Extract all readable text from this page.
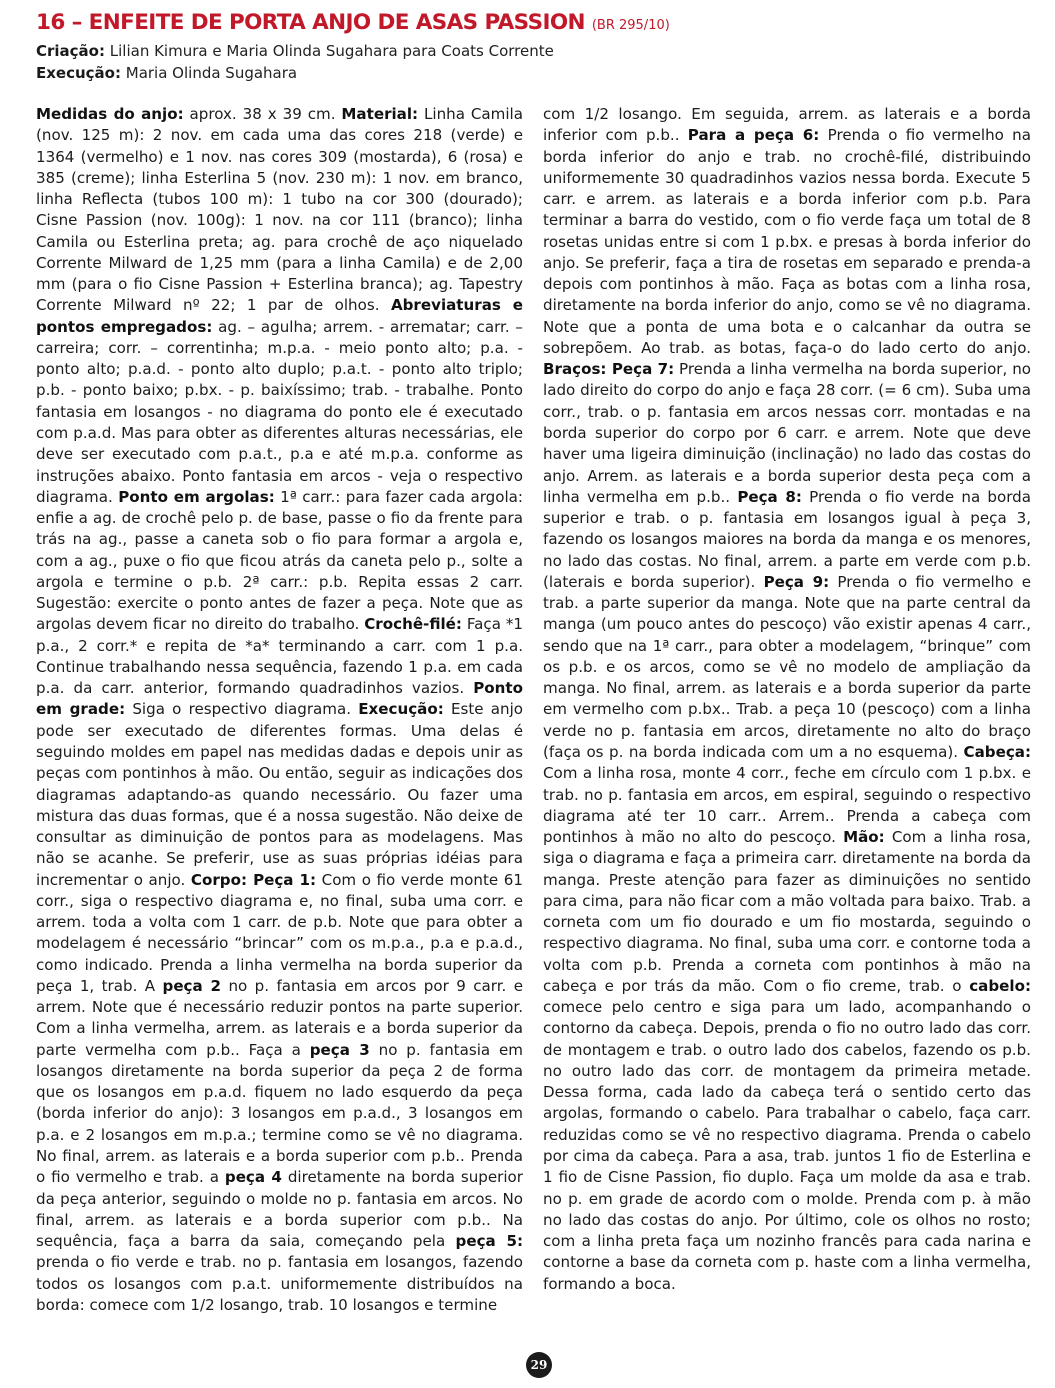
16 – ENFEITE DE PORTA ANJO DE ASAS PASSION (BR 295/10)
Criação: Lilian Kimura e Maria Olinda Sugahara para Coats Corrente
Execução: Maria Olinda Sugahara

Medidas do anjo: aprox. 38 x 39 cm. Material: Linha Camila (nov. 125 m): 2 nov. em cada uma das cores 218 (verde) e 1364 (vermelho) e 1 nov. nas cores 309 (mostarda), 6 (rosa) e 385 (creme); linha Esterlina 5 (nov. 230 m): 1 nov. em branco, linha Reflecta (tubos 100 m): 1 tubo na cor 300 (dourado); Cisne Passion (nov. 100g): 1 nov. na cor 111 (branco); linha Camila ou Esterlina preta; ag. para crochê de aço niquelado Corrente Milward de 1,25 mm (para a linha Camila) e de 2,00 mm (para o fio Cisne Passion + Esterlina branca); ag. Tapestry Corrente Milward nº 22; 1 par de olhos. Abreviaturas e pontos empregados: ag. – agulha; arrem. - arrematar; carr. – carreira; corr. – correntinha; m.p.a. - meio ponto alto; p.a. - ponto alto; p.a.d. - ponto alto duplo; p.a.t. - ponto alto triplo; p.b. - ponto baixo; p.bx. - p. baixíssimo; trab. - trabalhe. Ponto fantasia em losangos - no diagrama do ponto ele é executado com p.a.d. Mas para obter as diferentes alturas necessárias, ele deve ser executado com p.a.t., p.a e até m.p.a. conforme as instruções abaixo. Ponto fantasia em arcos - veja o respectivo diagrama. Ponto em argolas: 1ª carr.: para fazer cada argola: enfie a ag. de crochê pelo p. de base, passe o fio da frente para trás na ag., passe a caneta sob o fio para formar a argola e, com a ag., puxe o fio que ficou atrás da caneta pelo p., solte a argola e termine o p.b. 2ª carr.: p.b. Repita essas 2 carr. Sugestão: exercite o ponto antes de fazer a peça. Note que as argolas devem ficar no direito do trabalho. Crochê-filé: Faça *1 p.a., 2 corr.* e repita de *a* terminando a carr. com 1 p.a. Continue trabalhando nessa sequência, fazendo 1 p.a. em cada p.a. da carr. anterior, formando quadradinhos vazios. Ponto em grade: Siga o respectivo diagrama. Execução: Este anjo pode ser executado de diferentes formas. Uma delas é seguindo moldes em papel nas medidas dadas e depois unir as peças com pontinhos à mão. Ou então, seguir as indicações dos diagramas adaptando-as quando necessário. Ou fazer uma mistura das duas formas, que é a nossa sugestão. Não deixe de consultar as diminuição de pontos para as modelagens. Mas não se acanhe. Se preferir, use as suas próprias idéias para incrementar o anjo. Corpo: Peça 1: Com o fio verde monte 61 corr., siga o respectivo diagrama e, no final, suba uma corr. e arrem. toda a volta com 1 carr. de p.b. Note que para obter a modelagem é necessário “brincar” com os m.p.a., p.a e p.a.d., como indicado. Prenda a linha vermelha na borda superior da peça 1, trab. A peça 2 no p. fantasia em arcos por 9 carr. e arrem. Note que é necessário reduzir pontos na parte superior. Com a linha vermelha, arrem. as laterais e a borda superior da parte vermelha com p.b.. Faça a peça 3 no p. fantasia em losangos diretamente na borda superior da peça 2 de forma que os losangos em p.a.d. fiquem no lado esquerdo da peça (borda inferior do anjo): 3 losangos em p.a.d., 3 losangos em p.a. e 2 losangos em m.p.a.; termine como se vê no diagrama. No final, arrem. as laterais e a borda superior com p.b.. Prenda o fio vermelho e trab. a peça 4 diretamente na borda superior da peça anterior, seguindo o molde no p. fantasia em arcos. No final, arrem. as laterais e a borda superior com p.b.. Na sequência, faça a barra da saia, começando pela peça 5: prenda o fio verde e trab. no p. fantasia em losangos, fazendo todos os losangos com p.a.t. uniformemente distribuídos na borda: comece com 1/2 losango, trab. 10 losangos e termine

com 1/2 losango. Em seguida, arrem. as laterais e a borda inferior com p.b.. Para a peça 6: Prenda o fio vermelho na borda inferior do anjo e trab. no crochê-filé, distribuindo uniformemente 30 quadradinhos vazios nessa borda. Execute 5 carr. e arrem. as laterais e a borda inferior com p.b. Para terminar a barra do vestido, com o fio verde faça um total de 8 rosetas unidas entre si com 1 p.bx. e presas à borda inferior do anjo. Se preferir, faça a tira de rosetas em separado e prenda-a depois com pontinhos à mão. Faça as botas com a linha rosa, diretamente na borda inferior do anjo, como se vê no diagrama. Note que a ponta de uma bota e o calcanhar da outra se sobrepõem. Ao trab. as botas, faça-o do lado certo do anjo. Braços: Peça 7: Prenda a linha vermelha na borda superior, no lado direito do corpo do anjo e faça 28 corr. (= 6 cm). Suba uma corr., trab. o p. fantasia em arcos nessas corr. montadas e na borda superior do corpo por 6 carr. e arrem. Note que deve haver uma ligeira diminuição (inclinação) no lado das costas do anjo. Arrem. as laterais e a borda superior desta peça com a linha vermelha em p.b.. Peça 8: Prenda o fio verde na borda superior e trab. o p. fantasia em losangos igual à peça 3, fazendo os losangos maiores na borda da manga e os menores, no lado das costas. No final, arrem. a parte em verde com p.b. (laterais e borda superior). Peça 9: Prenda o fio vermelho e trab. a parte superior da manga. Note que na parte central da manga (um pouco antes do pescoço) vão existir apenas 4 carr., sendo que na 1ª carr., para obter a modelagem, “brinque” com os p.b. e os arcos, como se vê no modelo de ampliação da manga. No final, arrem. as laterais e a borda superior da parte em vermelho com p.bx.. Trab. a peça 10 (pescoço) com a linha verde no p. fantasia em arcos, diretamente no alto do braço (faça os p. na borda indicada com um a no esquema). Cabeça: Com a linha rosa, monte 4 corr., feche em círculo com 1 p.bx. e trab. no p. fantasia em arcos, em espiral, seguindo o respectivo diagrama até ter 10 carr.. Arrem.. Prenda a cabeça com pontinhos à mão no alto do pescoço. Mão: Com a linha rosa, siga o diagrama e faça a primeira carr. diretamente na borda da manga. Preste atenção para fazer as diminuições no sentido para cima, para não ficar com a mão voltada para baixo. Trab. a corneta com um fio dourado e um fio mostarda, seguindo o respectivo diagrama. No final, suba uma corr. e contorne toda a volta com p.b. Prenda a corneta com pontinhos à mão na cabeça e por trás da mão. Com o fio creme, trab. o cabelo: comece pelo centro e siga para um lado, acompanhando o contorno da cabeça. Depois, prenda o fio no outro lado das corr. de montagem e trab. o outro lado dos cabelos, fazendo os p.b. no outro lado das corr. de montagem da primeira metade. Dessa forma, cada lado da cabeça terá o sentido certo das argolas, formando o cabelo. Para trabalhar o cabelo, faça carr. reduzidas como se vê no respectivo diagrama. Prenda o cabelo por cima da cabeça. Para a asa, trab. juntos 1 fio de Esterlina e 1 fio de Cisne Passion, fio duplo. Faça um molde da asa e trab. no p. em grade de acordo com o molde. Prenda com p. à mão no lado das costas do anjo. Por último, cole os olhos no rosto; com a linha preta faça um nozinho francês para cada narina e contorne a base da corneta com p. haste com a linha vermelha, formando a boca.

29
